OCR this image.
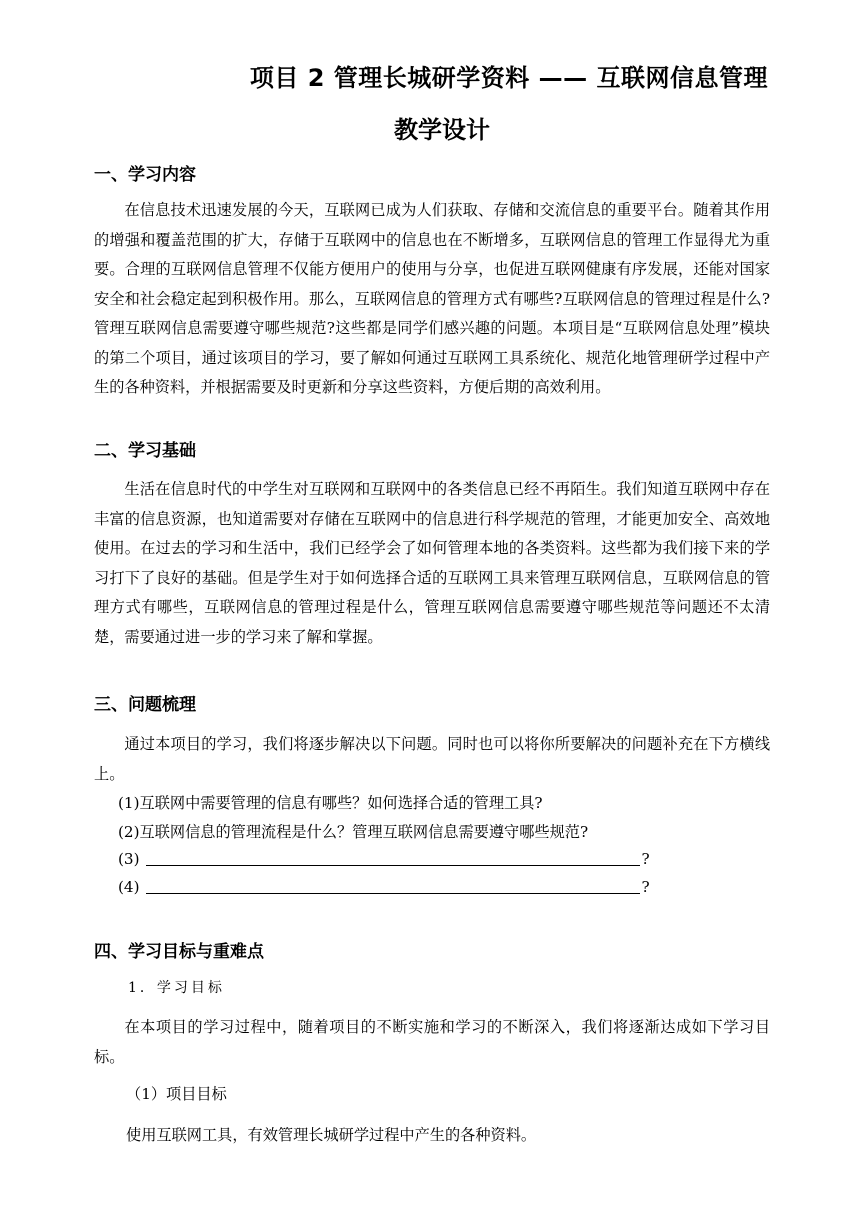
项目 2 管理长城研学资料 —— 互联网信息管理
教学设计
一、学习内容

在信息技术迅速发展的今天，互联网已成为人们获取、存储和交流信息的重要平台。随着其作用的增强和覆盖范围的扩大，存储于互联网中的信息也在不断增多，互联网信息的管理工作显得尤为重要。合理的互联网信息管理不仅能方便用户的使用与分享，也促进互联网健康有序发展，还能对国家安全和社会稳定起到积极作用。那么，互联网信息的管理方式有哪些?互联网信息的管理过程是什么?管理互联网信息需要遵守哪些规范?这些都是同学们感兴趣的问题。本项目是“互联网信息处理”模块的第二个项目，通过该项目的学习，要了解如何通过互联网工具系统化、规范化地管理研学过程中产生的各种资料，并根据需要及时更新和分享这些资料，方便后期的高效利用。

二、学习基础

生活在信息时代的中学生对互联网和互联网中的各类信息已经不再陌生。我们知道互联网中存在丰富的信息资源，也知道需要对存储在互联网中的信息进行科学规范的管理，才能更加安全、高效地使用。在过去的学习和生活中，我们已经学会了如何管理本地的各类资料。这些都为我们接下来的学习打下了良好的基础。但是学生对于如何选择合适的互联网工具来管理互联网信息，互联网信息的管理方式有哪些，互联网信息的管理过程是什么，管理互联网信息需要遵守哪些规范等问题还不太清楚，需要通过进一步的学习来了解和掌握。

三、问题梳理

通过本项目的学习，我们将逐步解决以下问题。同时也可以将你所要解决的问题补充在下方横线上。

(1)互联网中需要管理的信息有哪些？如何选择合适的管理工具?
(2)互联网信息的管理流程是什么？管理互联网信息需要遵守哪些规范?
(3)	?
(4)	?
四、学习目标与重难点
1．学习目标

在本项目的学习过程中，随着项目的不断实施和学习的不断深入，我们将逐渐达成如下学习目标。

（1）项目目标
使用互联网工具，有效管理长城研学过程中产生的各种资料。
